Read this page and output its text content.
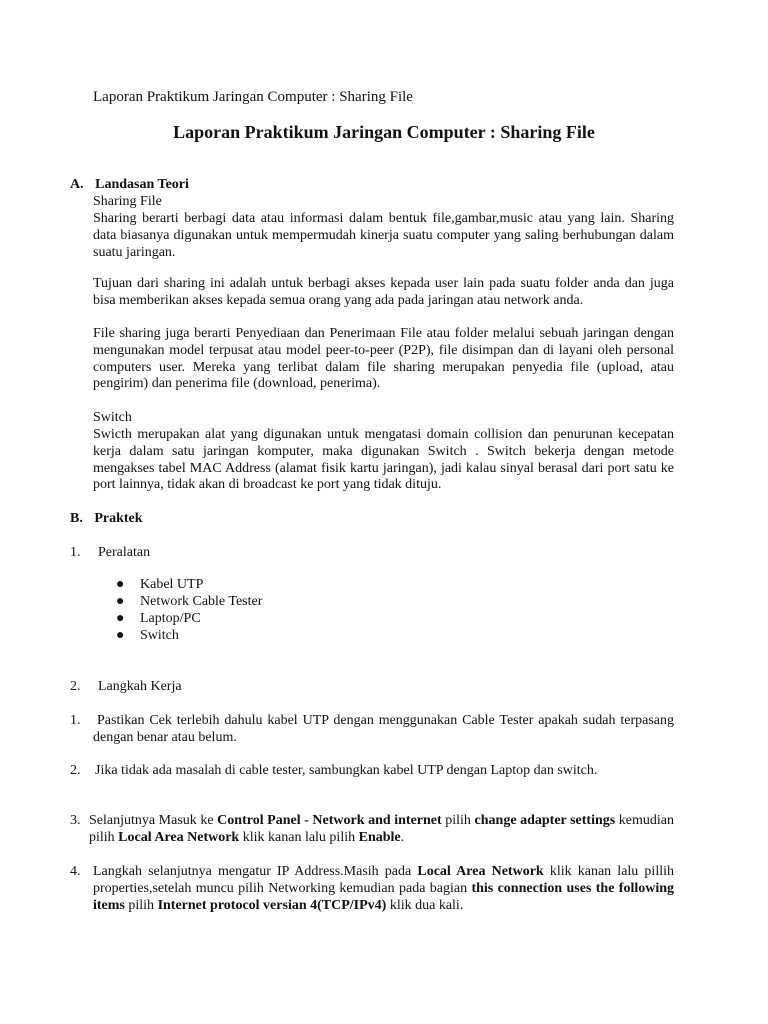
Laporan Praktikum Jaringan Computer : Sharing File
Laporan Praktikum Jaringan Computer : Sharing File
A. Landasan Teori
Sharing File
Sharing berarti berbagi data atau informasi dalam bentuk file,gambar,music atau yang lain. Sharing data biasanya digunakan untuk mempermudah kinerja suatu computer yang saling berhubungan dalam suatu jaringan.
Tujuan dari sharing ini adalah untuk berbagi akses kepada user lain pada suatu folder anda dan juga bisa memberikan akses kepada semua orang yang ada pada jaringan atau network anda.
File sharing juga berarti Penyediaan dan Penerimaan File atau folder melalui sebuah jaringan dengan mengunakan model terpusat atau model peer-to-peer (P2P), file disimpan dan di layani oleh personal computers user. Mereka yang terlibat dalam file sharing merupakan penyedia file (upload, atau pengirim) dan penerima file (download, penerima).
Switch
Swicth merupakan alat yang digunakan untuk mengatasi domain collision dan penurunan kecepatan kerja dalam satu jaringan komputer, maka digunakan Switch . Switch bekerja dengan metode mengakses tabel MAC Address (alamat fisik kartu jaringan), jadi kalau sinyal berasal dari port satu ke port lainnya, tidak akan di broadcast ke port yang tidak dituju.
B. Praktek
1. Peralatan
● Kabel UTP
● Network Cable Tester
● Laptop/PC
● Switch
2. Langkah Kerja
1. Pastikan Cek terlebih dahulu kabel UTP dengan menggunakan Cable Tester apakah sudah terpasang dengan benar atau belum.
2. Jika tidak ada masalah di cable tester, sambungkan kabel UTP dengan Laptop dan switch.
3. Selanjutnya Masuk ke Control Panel - Network and internet pilih change adapter settings kemudian pilih Local Area Network klik kanan lalu pilih Enable.
4. Langkah selanjutnya mengatur IP Address.Masih pada Local Area Network klik kanan lalu pillih properties,setelah muncu pilih Networking kemudian pada bagian this connection uses the following items pilih Internet protocol versian 4(TCP/IPv4) klik dua kali.
